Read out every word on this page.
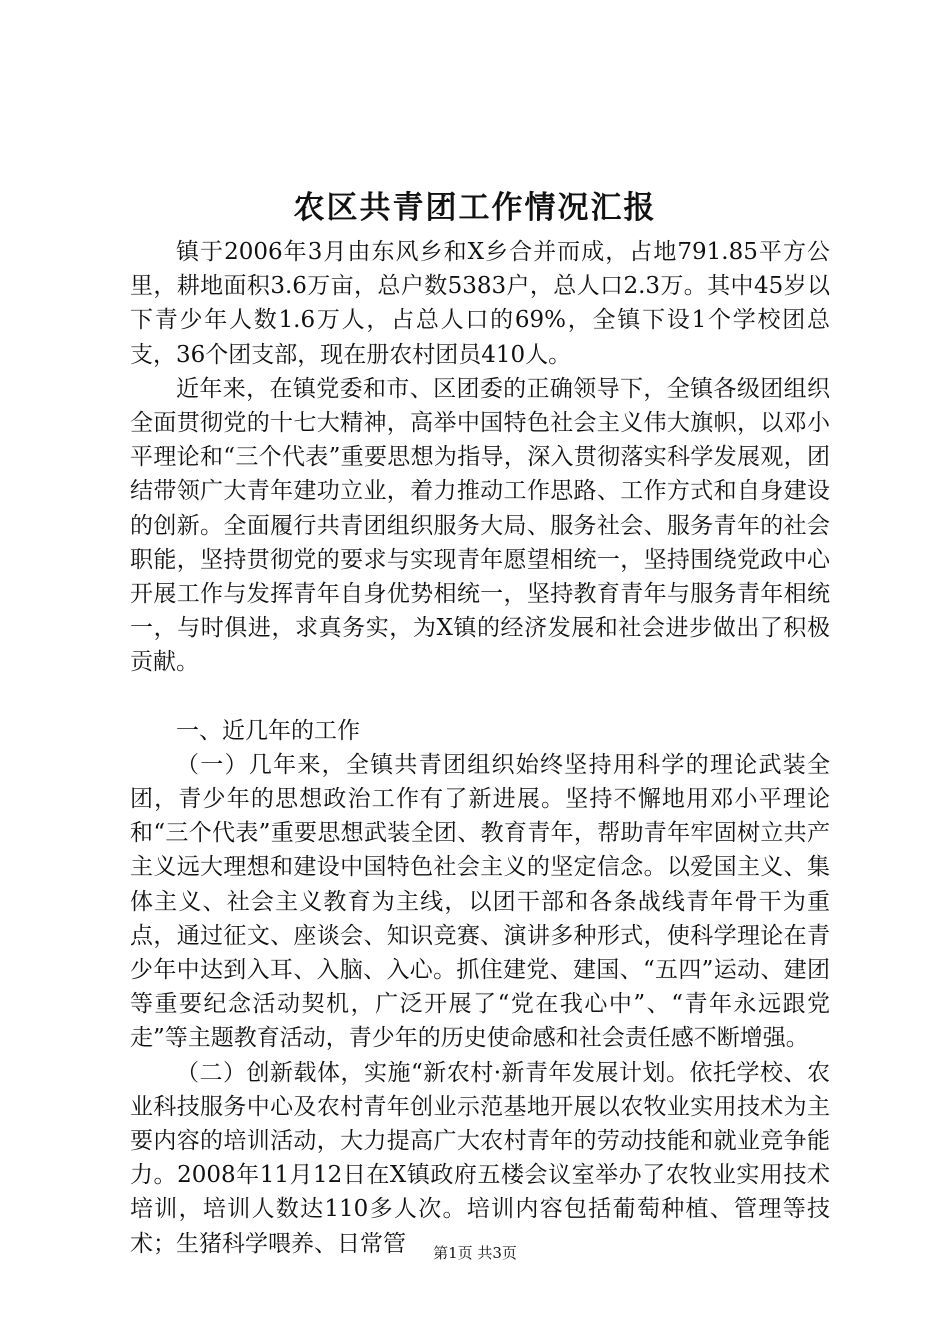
农区共青团工作情况汇报

镇于2006年3月由东风乡和X乡合并而成，占地791.85平方公里，耕地面积3.6万亩，总户数5383户，总人口2.3万。其中45岁以下青少年人数1.6万人，占总人口的69%，全镇下设1个学校团总支，36个团支部，现在册农村团员410人。

近年来，在镇党委和市、区团委的正确领导下，全镇各级团组织全面贯彻党的十七大精神，高举中国特色社会主义伟大旗帜，以邓小平理论和“三个代表”重要思想为指导，深入贯彻落实科学发展观，团结带领广大青年建功立业，着力推动工作思路、工作方式和自身建设的创新。全面履行共青团组织服务大局、服务社会、服务青年的社会职能，坚持贯彻党的要求与实现青年愿望相统一，坚持围绕党政中心开展工作与发挥青年自身优势相统一，坚持教育青年与服务青年相统一，与时俱进，求真务实，为X镇的经济发展和社会进步做出了积极贡献。

一、近几年的工作

（一）几年来，全镇共青团组织始终坚持用科学的理论武装全团，青少年的思想政治工作有了新进展。坚持不懈地用邓小平理论和“三个代表”重要思想武装全团、教育青年，帮助青年牢固树立共产主义远大理想和建设中国特色社会主义的坚定信念。以爱国主义、集体主义、社会主义教育为主线，以团干部和各条战线青年骨干为重点，通过征文、座谈会、知识竞赛、演讲多种形式，使科学理论在青少年中达到入耳、入脑、入心。抓住建党、建国、“五四”运动、建团等重要纪念活动契机，广泛开展了“党在我心中”、“青年永远跟党走”等主题教育活动，青少年的历史使命感和社会责任感不断增强。

（二）创新载体，实施“新农村·新青年发展计划。依托学校、农业科技服务中心及农村青年创业示范基地开展以农牧业实用技术为主要内容的培训活动，大力提高广大农村青年的劳动技能和就业竞争能力。2008年11月12日在X镇政府五楼会议室举办了农牧业实用技术培训，培训人数达110多人次。培训内容包括葡萄种植、管理等技术；生猪科学喂养、日常管	第1页 共3页
